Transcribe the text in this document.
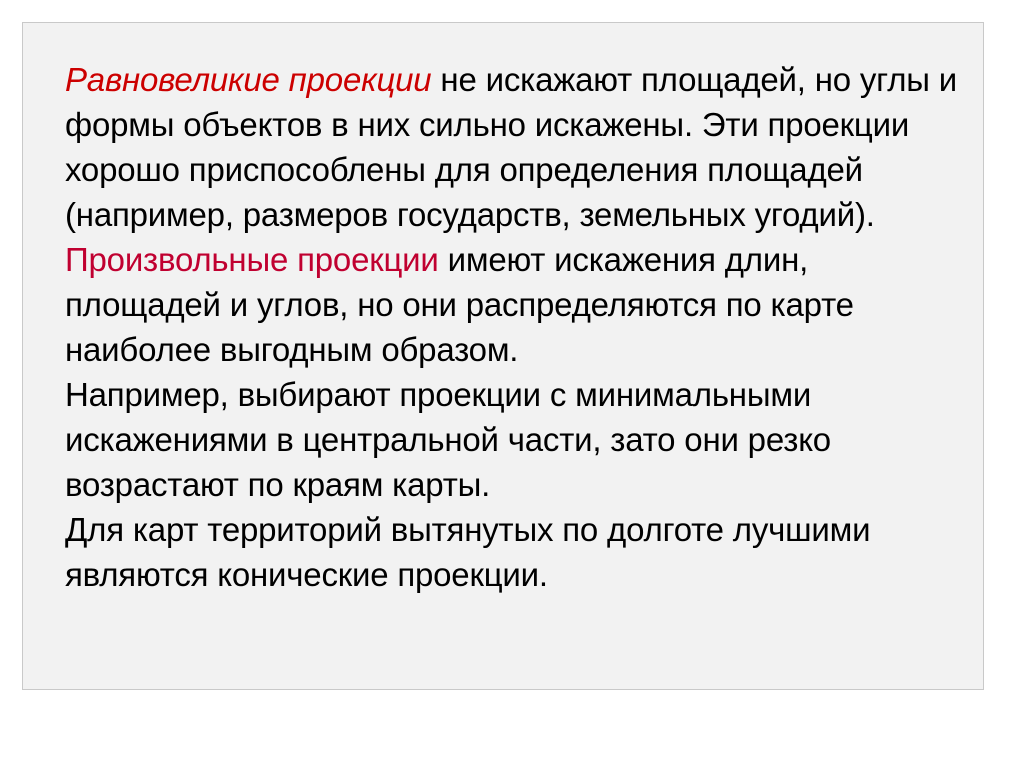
Равновеликие проекции не искажают площадей, но углы и формы объектов в них сильно искажены. Эти проекции хорошо приспособлены для определения площадей (например, размеров государств, земельных угодий).

Произвольные проекции имеют искажения длин, площадей и углов, но они распределяются по карте наиболее выгодным образом.

Например, выбирают проекции с минимальными искажениями в центральной части, зато они резко возрастают по краям карты.

Для карт территорий вытянутых по долготе лучшими являются конические проекции.
